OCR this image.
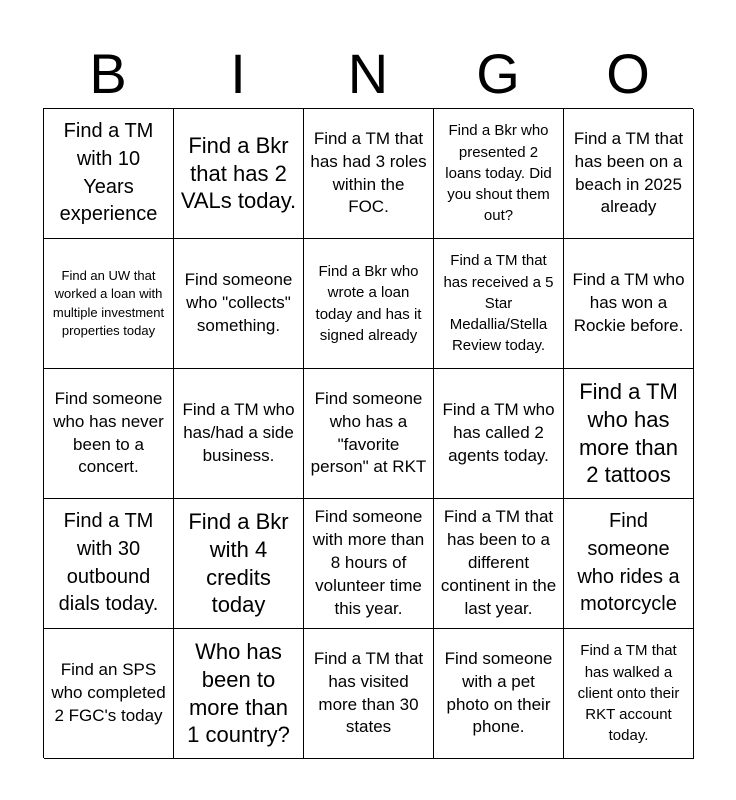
B	I	N	G	O
Find a TM with 10 Years experience
Find a Bkr that has 2 VALs today.
Find a TM that has had 3 roles within the FOC.
Find a Bkr who presented 2 loans today. Did you shout them out?
Find a TM that has been on a beach in 2025 already
Find an UW that worked a loan with multiple investment properties today
Find someone who "collects" something.
Find a Bkr who wrote a loan today and has it signed already
Find a TM that has received a 5 Star Medallia/Stella Review today.
Find a TM who has won a Rockie before.
Find someone who has never been to a concert.
Find a TM who has/had a side business.
Find someone who has a "favorite person" at RKT
Find a TM who has called 2 agents today.
Find a TM who has more than 2 tattoos
Find a TM with 30 outbound dials today.
Find a Bkr with 4 credits today
Find someone with more than 8 hours of volunteer time this year.
Find a TM that has been to a different continent in the last year.
Find someone who rides a motorcycle
Find an SPS who completed 2 FGC's today
Who has been to more than 1 country?
Find a TM that has visited more than 30 states
Find someone with a pet photo on their phone.
Find a TM that has walked a client onto their RKT account today.
